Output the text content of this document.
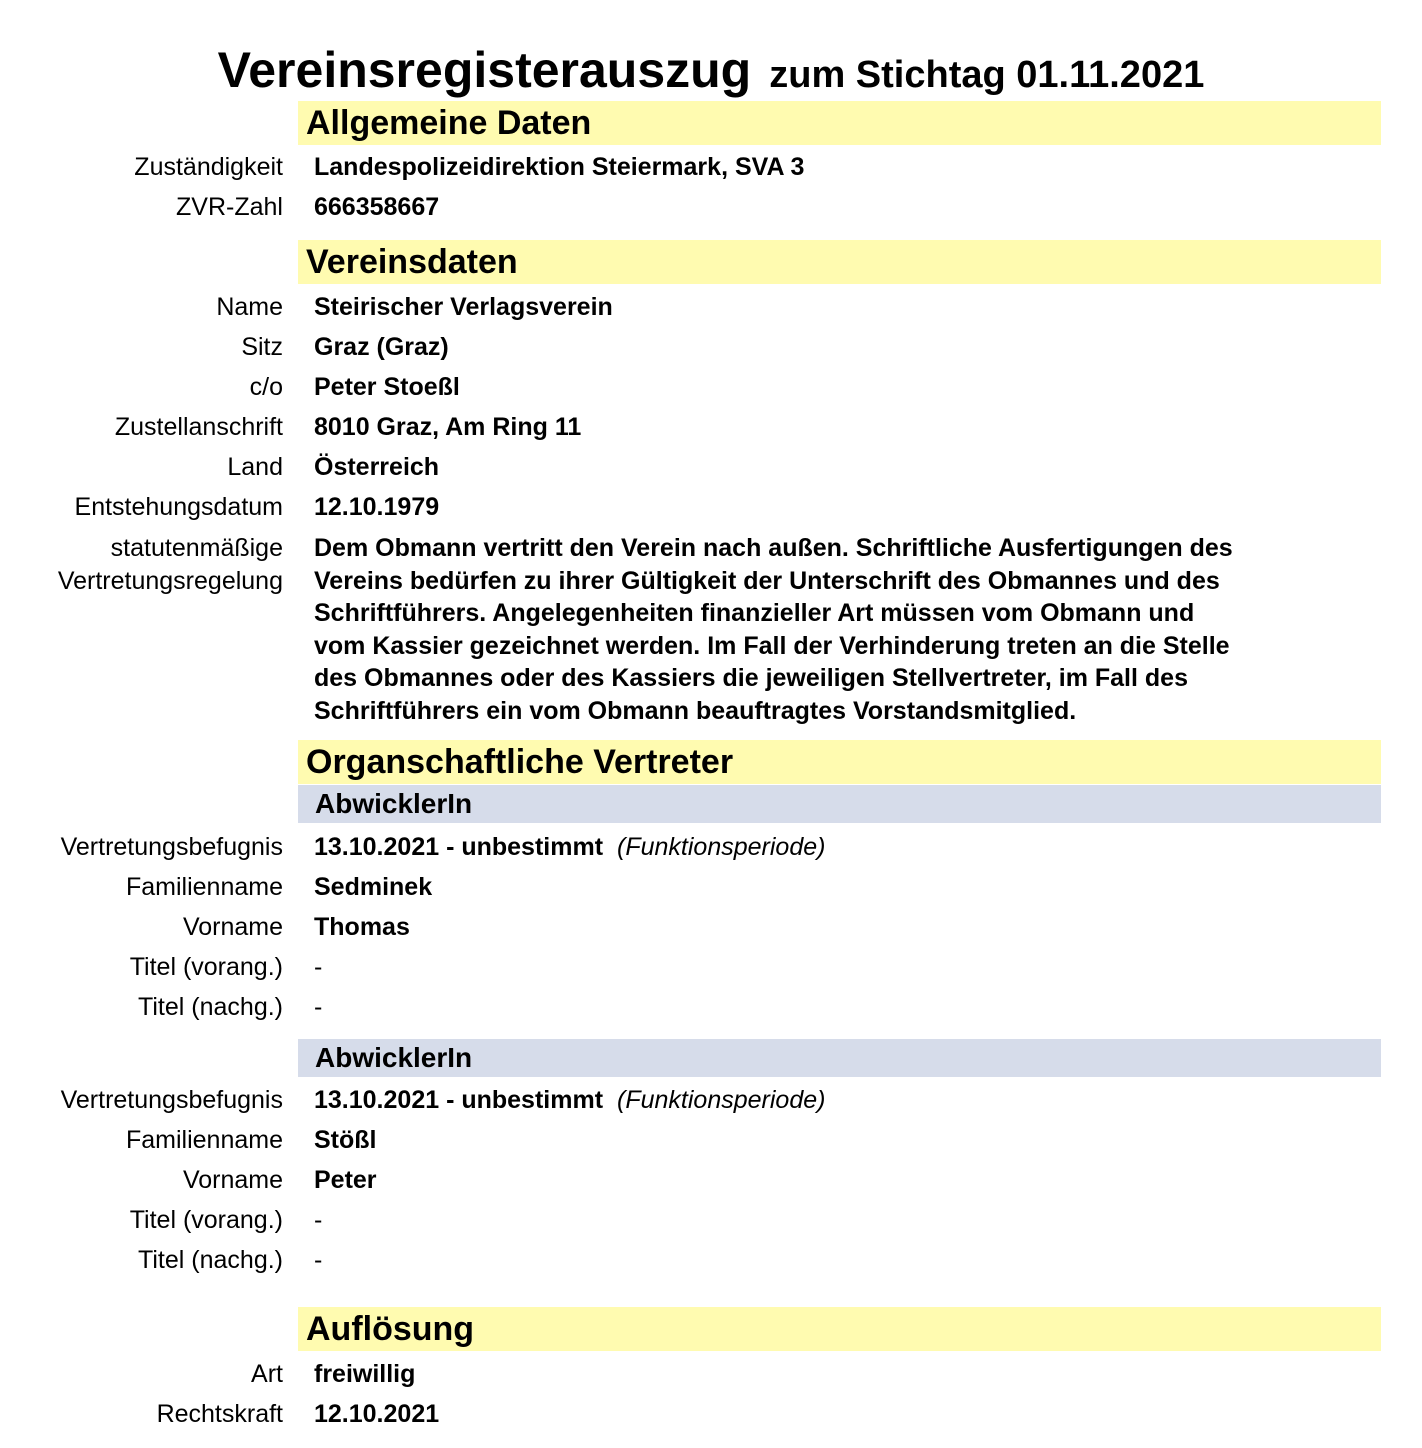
Vereinsregisterauszug zum Stichtag 01.11.2021
Allgemeine Daten
Zuständigkeit Landespolizeidirektion Steiermark, SVA 3
ZVR-Zahl 666358667
Vereinsdaten
Name Steirischer Verlagsverein
Sitz Graz (Graz)
c/o Peter Stoeßl
Zustellanschrift 8010 Graz, Am Ring 11
Land Österreich
Entstehungsdatum 12.10.1979
statutenmäßige
Vertretungsregelung
Dem Obmann vertritt den Verein nach außen. Schriftliche Ausfertigungen des
Vereins bedürfen zu ihrer Gültigkeit der Unterschrift des Obmannes und des
Schriftführers. Angelegenheiten finanzieller Art müssen vom Obmann und
vom Kassier gezeichnet werden. Im Fall der Verhinderung treten an die Stelle
des Obmannes oder des Kassiers die jeweiligen Stellvertreter, im Fall des
Schriftführers ein vom Obmann beauftragtes Vorstandsmitglied.
Organschaftliche Vertreter
AbwicklerIn
Vertretungsbefugnis 13.10.2021 - unbestimmt (Funktionsperiode)
Familienname Sedminek
Vorname Thomas
Titel (vorang.) -
Titel (nachg.) -
AbwicklerIn
Vertretungsbefugnis 13.10.2021 - unbestimmt (Funktionsperiode)
Familienname Stößl
Vorname Peter
Titel (vorang.) -
Titel (nachg.) -
Auflösung
Art freiwillig
Rechtskraft 12.10.2021
